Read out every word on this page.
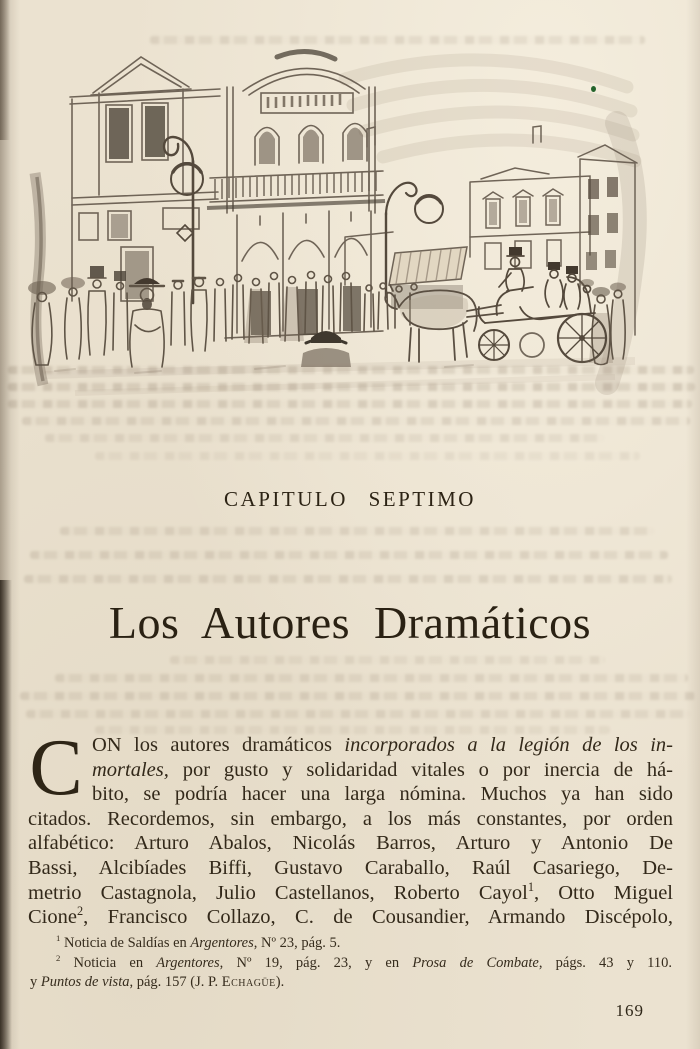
CAPITULO SEPTIMO
Los Autores Dramáticos
C ON los autores dramáticos incorporados a la legión de los in-
mortales, por gusto y solidaridad vitales o por inercia de há-
bito, se podría hacer una larga nómina. Muchos ya han sido
citados. Recordemos, sin embargo, a los más constantes, por orden
alfabético: Arturo Abalos, Nicolás Barros, Arturo y Antonio De
Bassi, Alcibíades Biffi, Gustavo Caraballo, Raúl Casariego, De-
metrio Castagnola, Julio Castellanos, Roberto Cayol$^1$, Otto Miguel
Cione$^2$, Francisco Collazo, C. de Cousandier, Armando Discépolo,
$^1$ Noticia de Saldías en Argentores, Nº 23, pág. 5.
$^2$ Noticia en Argentores, Nº 19, pág. 23, y en Prosa de Combate, págs. 43 y 110.
y Puntos de vista, pág. 157 (J. P. Echagüe).
169
